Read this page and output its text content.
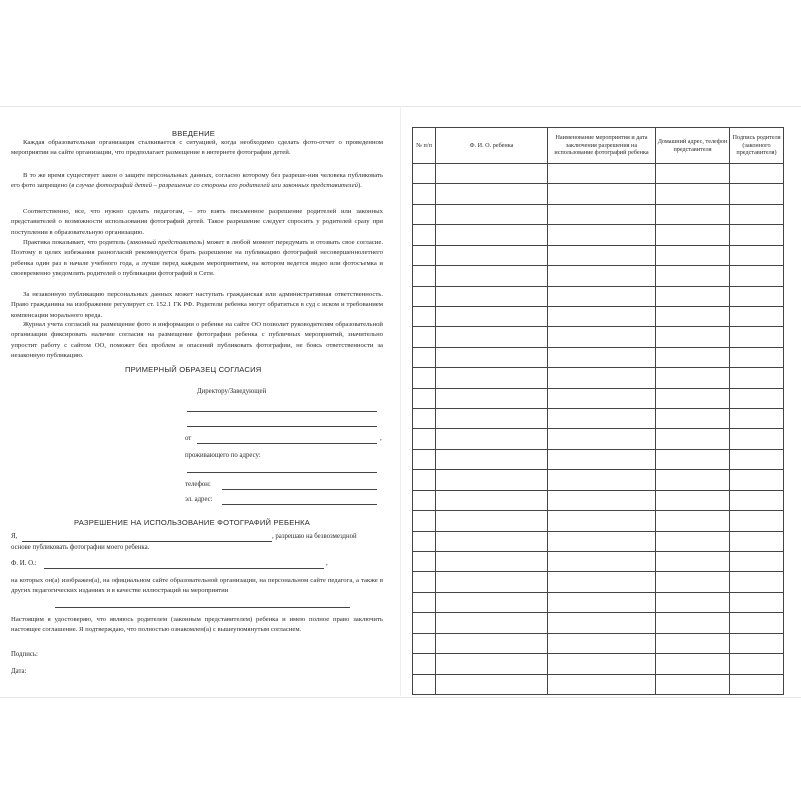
ВВЕДЕНИЕ

Каждая образовательная организация сталкивается с ситуацией, когда необходимо сделать фото-отчет о проведенном мероприятии на сайте организации, что предполагает размещение в интернете фотографии детей.

В то же время существует закон о защите персональных данных, согласно которому без разреше-ния человека публиковать его фото запрещено (в случае фотографий детей – разрешение со стороны его родителей или законных представителей).

Соответственно, все, что нужно сделать педагогам, – это взять письменное разрешение родителей или законных представителей о возможности использования фотографий детей. Такое разрешение следует спросить у родителей сразу при поступлении в образовательную организацию.

Практика показывает, что родитель (законный представитель) может в любой момент передумать и отозвать свое согласие. Поэтому в целях избежания разногласий рекомендуется брать разрешение на публикацию фотографий несовершеннолетнего ребенка один раз в начале учебного года, а лучше перед каждым мероприятием, на котором ведется видео или фотосъемка и своевременно уведомлять родителей о публикации фотографий в Сети.

За незаконную публикацию персональных данных может наступать гражданская или административная ответственность. Право гражданина на изображение регулирует ст. 152.1 ГК РФ. Родители ребенка могут обратиться в суд с иском и требованием компенсации морального вреда.

Журнал учета согласий на размещение фото и информации о ребенке на сайте ОО позволит руководителям образовательной организации фиксировать наличие согласия на размещение фотографии ребенка с публичных мероприятий, значительно упростит работу с сайтом ОО, поможет без проблем и опасений публиковать фотографии, не боясь ответственности за незаконную публикацию.

ПРИМЕРНЫЙ ОБРАЗЕЦ СОГЛАСИЯ
Директору/Заведующей
от	,
проживающего по адресу:
телефон:
эл. адрес:
РАЗРЕШЕНИЕ НА ИСПОЛЬЗОВАНИЕ ФОТОГРАФИЙ РЕБЕНКА
Я,	, разрешаю на безвозмездной
основе публиковать фотографии моего ребенка.
Ф. И. О.:	,

на которых он(а) изображен(а), на официальном сайте образовательной организации, на персональном сайте педагога, а также в других педагогических изданиях и в качестве иллюстраций на мероприятии

Настоящим я удостоверяю, что являюсь родителем (законным представителем) ребенка и имею полное право заключить настоящее соглашение. Я подтверждаю, что полностью ознакомлен(а) с вышеупомянутым согласием.

Подпись:
Дата:
№ п/п	Ф. И. О. ребенка	Наименование мероприятия и дата заключения разрешения на использование фотографий ребенка	Домашний адрес, телефон представителя	Подпись родителя (законного представителя)
